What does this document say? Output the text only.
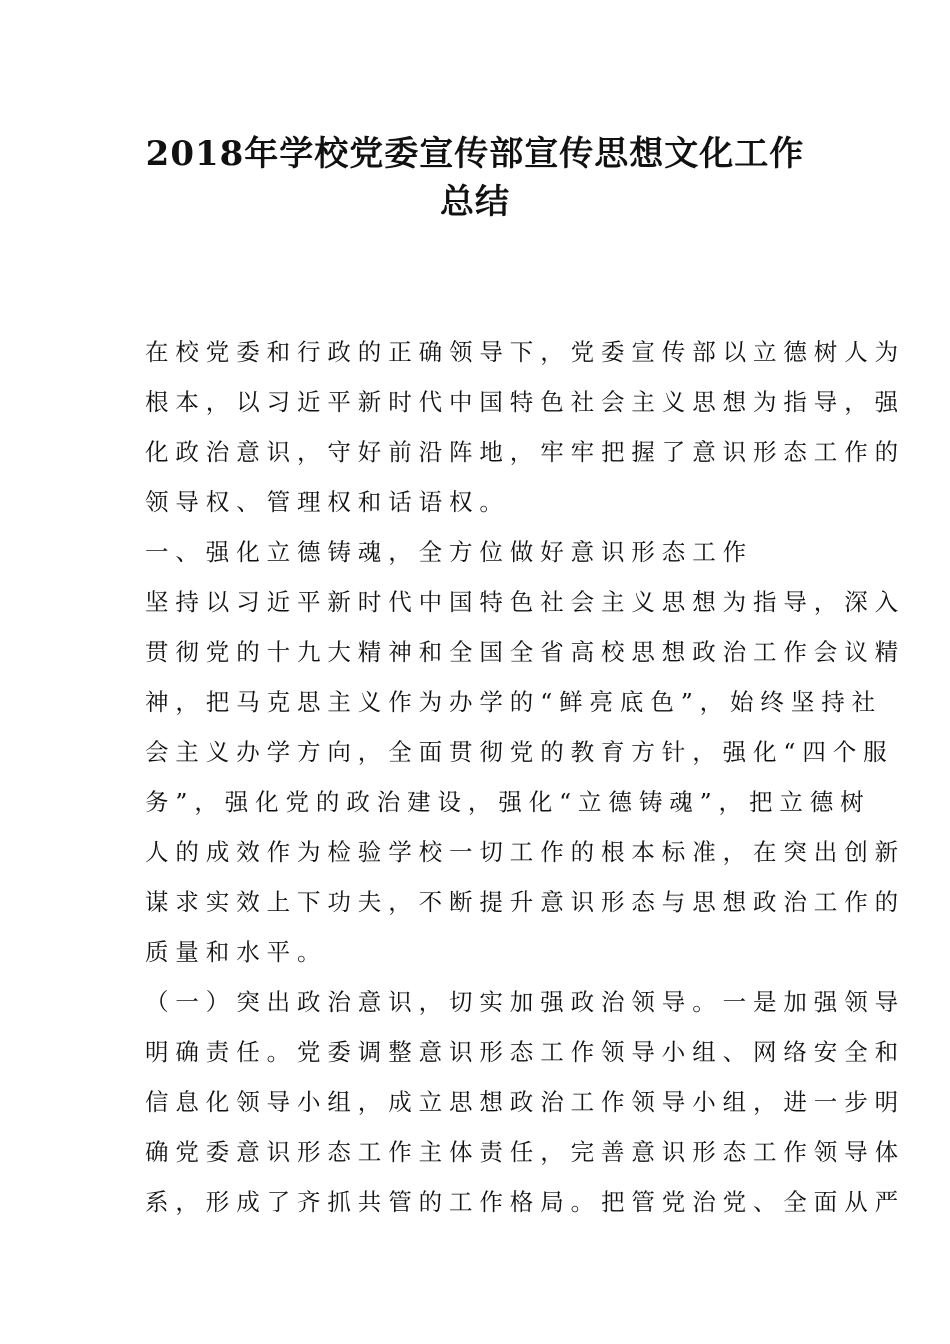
2018年学校党委宣传部宣传思想文化工作
总结

在校党委和行政的正确领导下，党委宣传部以立德树人为

根本，以习近平新时代中国特色社会主义思想为指导，强

化政治意识，守好前沿阵地，牢牢把握了意识形态工作的

领导权、管理权和话语权。

一、强化立德铸魂，全方位做好意识形态工作

坚持以习近平新时代中国特色社会主义思想为指导，深入

贯彻党的十九大精神和全国全省高校思想政治工作会议精

神，把马克思主义作为办学的“鲜亮底色”，始终坚持社

会主义办学方向，全面贯彻党的教育方针，强化“四个服

务”，强化党的政治建设，强化“立德铸魂”，把立德树

人的成效作为检验学校一切工作的根本标准，在突出创新

谋求实效上下功夫，不断提升意识形态与思想政治工作的

质量和水平。

（一）突出政治意识，切实加强政治领导。一是加强领导

明确责任。党委调整意识形态工作领导小组、网络安全和

信息化领导小组，成立思想政治工作领导小组，进一步明

确党委意识形态工作主体责任，完善意识形态工作领导体

系，形成了齐抓共管的工作格局。把管党治党、全面从严
